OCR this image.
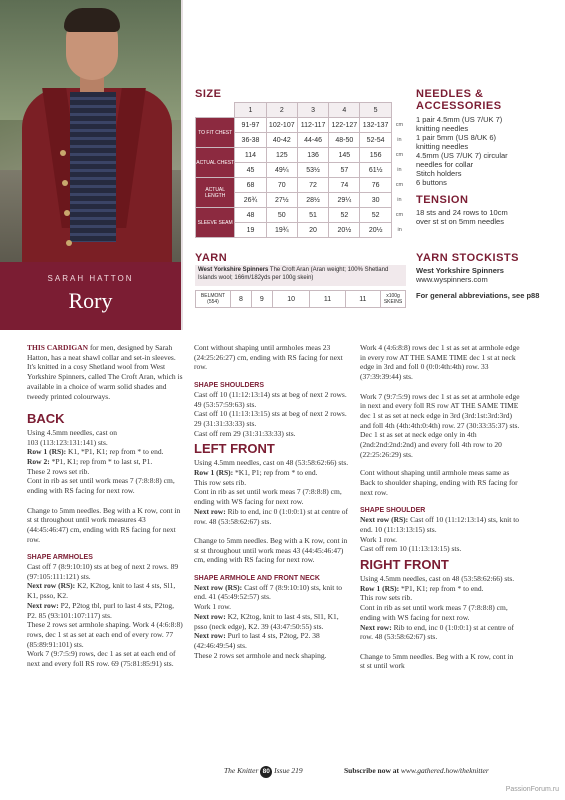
SARAH HATTON
Rory
SIZE
	1	2	3	4	5	
TO FIT CHEST	91-97	102-107	112-117	122-127	132-137	cm
	36-38	40-42	44-46	48-50	52-54	in
ACTUAL CHEST	114	125	136	145	156	cm
	45	49¼	53½	57	61½	in
ACTUAL LENGTH	68	70	72	74	76	cm
	26¾	27½	28½	29¼	30	in
SLEEVE SEAM	48	50	51	52	52	cm
	19	19¾	20	20½	20½	in
NEEDLES & ACCESSORIES
1 pair 4.5mm (US 7/UK 7)
knitting needles
1 pair 5mm (US 8/UK 6)
knitting needles
4.5mm (US 7/UK 7) circular
needles for collar
Stitch holders
6 buttons
TENSION
18 sts and 24 rows to 10cm
over st st on 5mm needles
YARN
West Yorkshire Spinners The Croft Aran (Aran weight; 100% Shetland Islands wool; 166m/182yds per 100g skein)
BELMONT (554)	8	9	10	11	11	x100g SKEINS
YARN STOCKISTS
West Yorkshire Spinners
www.wyspinners.com
For general abbreviations, see p88

THIS CARDIGAN for men, designed by Sarah Hatton, has a neat shawl collar and set-in sleeves. It's knitted in a cosy Shetland wool from West Yorkshire Spinners, called The Croft Aran, which is available in a choice of warm solid shades and tweedy printed colourways.

BACK

Using 4.5mm needles, cast on

103 (113:123:131:141) sts.

Row 1 (RS): K1, *P1, K1; rep from * to end.

Row 2: *P1, K1; rep from * to last st, P1.

These 2 rows set rib.

Cont in rib as set until work meas 7 (7:8:8:8) cm, ending with RS facing for next row.

Change to 5mm needles. Beg with a K row, cont in st st throughout until work measures 43 (44:45:46:47) cm, ending with RS facing for next row.

SHAPE ARMHOLES

Cast off 7 (8:9:10:10) sts at beg of next 2 rows. 89 (97:105:111:121) sts.

Next row (RS): K2, K2tog, knit to last 4 sts, Sl1, K1, psso, K2.

Next row: P2, P2tog tbl, purl to last 4 sts, P2tog, P2. 85 (93:101:107:117) sts.

These 2 rows set armhole shaping. Work 4 (4:6:8:8) rows, dec 1 st as set at each end of every row. 77 (85:89:91:101) sts.

Work 7 (9:7:5:9) rows, dec 1 as set at each end of next and every foll RS row. 69 (75:81:85:91) sts.

Cont without shaping until armholes meas 23 (24:25:26:27) cm, ending with RS facing for next row.

SHAPE SHOULDERS

Cast off 10 (11:12:13:14) sts at beg of next 2 rows. 49 (53:57:59:63) sts.

Cast off 10 (11:13:13:15) sts at beg of next 2 rows. 29 (31:31:33:33) sts.

Cast off rem 29 (31:31:33:33) sts.

LEFT FRONT

Using 4.5mm needles, cast on 48 (53:58:62:66) sts.

Row 1 (RS): *K1, P1; rep from * to end.

This row sets rib.

Cont in rib as set until work meas 7 (7:8:8:8) cm, ending with WS facing for next row.

Next row: Rib to end, inc 0 (1:0:0:1) st at centre of row. 48 (53:58:62:67) sts.

Change to 5mm needles. Beg with a K row, cont in st st throughout until work meas 43 (44:45:46:47) cm, ending with RS facing for next row.

SHAPE ARMHOLE AND FRONT NECK

Next row (RS): Cast off 7 (8:9:10:10) sts, knit to end. 41 (45:49:52:57) sts.

Work 1 row.

Next row: K2, K2tog, knit to last 4 sts, Sl1, K1, psso (neck edge), K2. 39 (43:47:50:55) sts.

Next row: Purl to last 4 sts, P2tog, P2. 38 (42:46:49:54) sts.

These 2 rows set armhole and neck shaping.

Work 4 (4:6:8:8) rows dec 1 st as set at armhole edge in every row AT THE SAME TIME dec 1 st at neck edge in 3rd and foll 0 (0:0:4th:4th) row. 33 (37:39:39:44) sts.

Work 7 (9:7:5:9) rows dec 1 st as set at armhole edge in next and every foll RS row AT THE SAME TIME dec 1 st as set at neck edge in 3rd (3rd:1st:3rd:3rd) and foll 4th (4th:4th:0:4th) row. 27 (30:33:35:37) sts.

Dec 1 st as set at neck edge only in 4th (2nd:2nd:2nd:2nd) and every foll 4th row to 20 (22:25:26:29) sts.

Cont without shaping until armhole meas same as Back to shoulder shaping, ending with RS facing for next row.

SHAPE SHOULDER

Next row (RS): Cast off 10 (11:12:13:14) sts, knit to end. 10 (11:13:13:15) sts.

Work 1 row.

Cast off rem 10 (11:13:13:15) sts.

RIGHT FRONT

Using 4.5mm needles, cast on 48 (53:58:62:66) sts.

Row 1 (RS): *P1, K1; rep from * to end.

This row sets rib.

Cont in rib as set until work meas 7 (7:8:8:8) cm, ending with WS facing for next row.

Next row: Rib to end, inc 0 (1:0:0:1) st at centre of row. 48 (53:58:62:67) sts.

Change to 5mm needles. Beg with a K row, cont in st st until work

The Knitter 80 Issue 219	Subscribe now at www.gathered.how/theknitter
PassionForum.ru
